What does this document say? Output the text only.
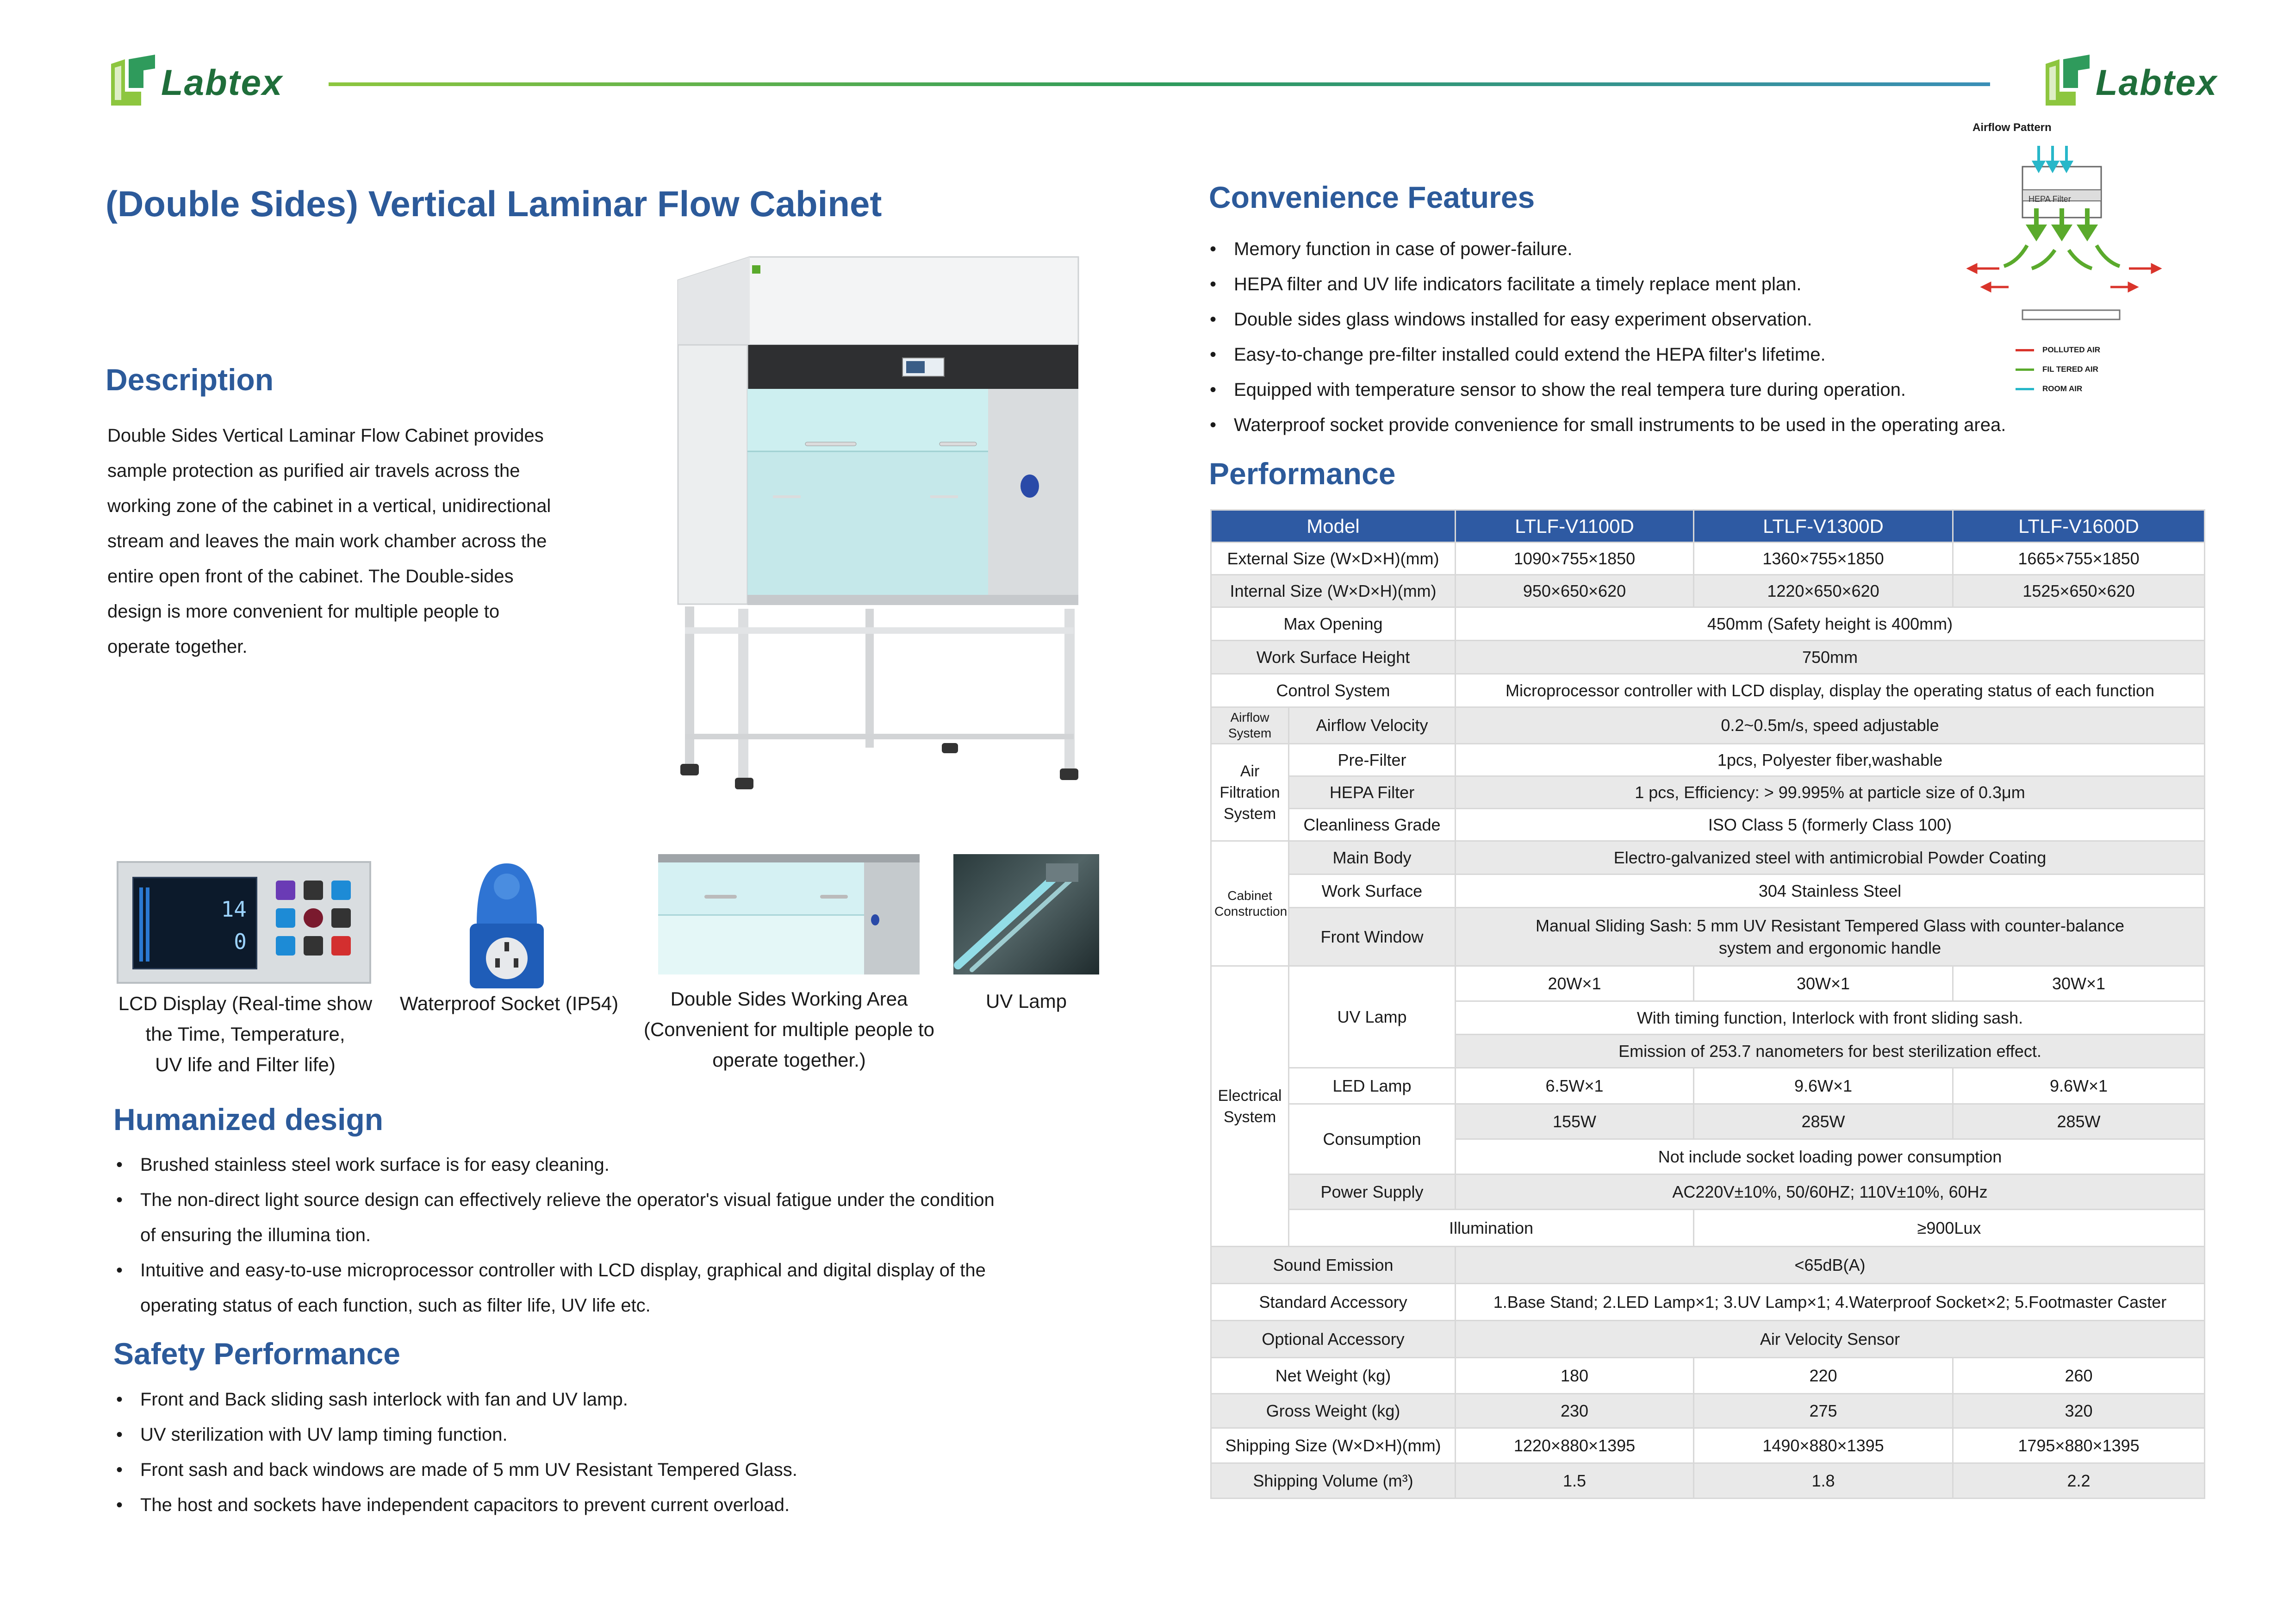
Labtex	Labtex
(Double Sides) Vertical Laminar Flow Cabinet
Description
Double Sides Vertical Laminar Flow Cabinet provides
sample protection as purified air travels across the
working zone of the cabinet in a vertical, unidirectional
stream and leaves the main work chamber across the
entire open front of the cabinet. The Double-sides
design is more convenient for multiple people to
operate together.
14
0
LCD Display (Real-time show
the Time, Temperature,
UV life and Filter life)
Waterproof Socket (IP54)	Double Sides Working Area
(Convenient for multiple people to
operate together.)
UV Lamp
Humanized design
• Brushed stainless steel work surface is for easy cleaning.
• The non-direct light source design can effectively relieve the operator's visual fatigue under the condition
of ensuring the illumina tion.
• Intuitive and easy-to-use microprocessor controller with LCD display, graphical and digital display of the
operating status of each function, such as filter life, UV life etc.
Safety Performance
• Front and Back sliding sash interlock with fan and UV lamp.
• UV sterilization with UV lamp timing function.
• Front sash and back windows are made of 5 mm UV Resistant Tempered Glass.
• The host and sockets have independent capacitors to prevent current overload.
Convenience Features
• Memory function in case of power-failure.
• HEPA filter and UV life indicators facilitate a timely replace ment plan.
• Double sides glass windows installed for easy experiment observation.
• Easy-to-change pre-filter installed could extend the HEPA filter's lifetime.
• Equipped with temperature sensor to show the real tempera ture during operation.
• Waterproof socket provide convenience for small instruments to be used in the operating area.
Airflow Pattern
HEPA Filter
POLLUTED AIR
FIL TERED AIR
ROOM AIR
Performance
Model		LTLF-V1100D	LTLF-V1300D	LTLF-V1600D
External Size (W×D×H)(mm)		1090×755×1850	1360×755×1850	1665×755×1850
Internal Size (W×D×H)(mm)		950×650×620	1220×650×620	1525×650×620
Max Opening		450mm (Safety height is 400mm)		
Work Surface Height		750mm		
Control System		Microprocessor controller with LCD display, display the operating status of each function		

Airflow
System	Airflow Velocity	0.2~0.5m/s, speed adjustable		

Air
Filtration
System	Pre-Filter	1pcs, Polyester fiber,washable		
	HEPA Filter	1 pcs, Efficiency: > 99.995% at particle size of 0.3μm		
	Cleanliness Grade	ISO Class 5 (formerly Class 100)		

Cabinet
Construction	Main Body	Electro-galvanized steel with antimicrobial Powder Coating		
	Work Surface	304 Stainless Steel		
	Front Window	Manual Sliding Sash: 5 mm UV Resistant Tempered Glass with counter-balance
system and ergonomic handle		

Electrical
System	UV Lamp	20W×1	30W×1	30W×1
		With timing function, Interlock with front sliding sash.		
		Emission of 253.7 nanometers for best sterilization effect.		
	LED Lamp	6.5W×1	9.6W×1	9.6W×1
	Consumption	155W	285W	285W
		Not include socket loading power consumption		
	Power Supply	AC220V±10%, 50/60HZ; 110V±10%, 60Hz		
	Illumination		≥900Lux	
Sound Emission		<65dB(A)		
Standard Accessory		1.Base Stand; 2.LED Lamp×1; 3.UV Lamp×1; 4.Waterproof Socket×2; 5.Footmaster Caster		
Optional Accessory		Air Velocity Sensor		
Net Weight (kg)		180	220	260
Gross Weight (kg)		230	275	320
Shipping Size (W×D×H)(mm)		1220×880×1395	1490×880×1395	1795×880×1395
Shipping Volume (m³)		1.5	1.8	2.2
